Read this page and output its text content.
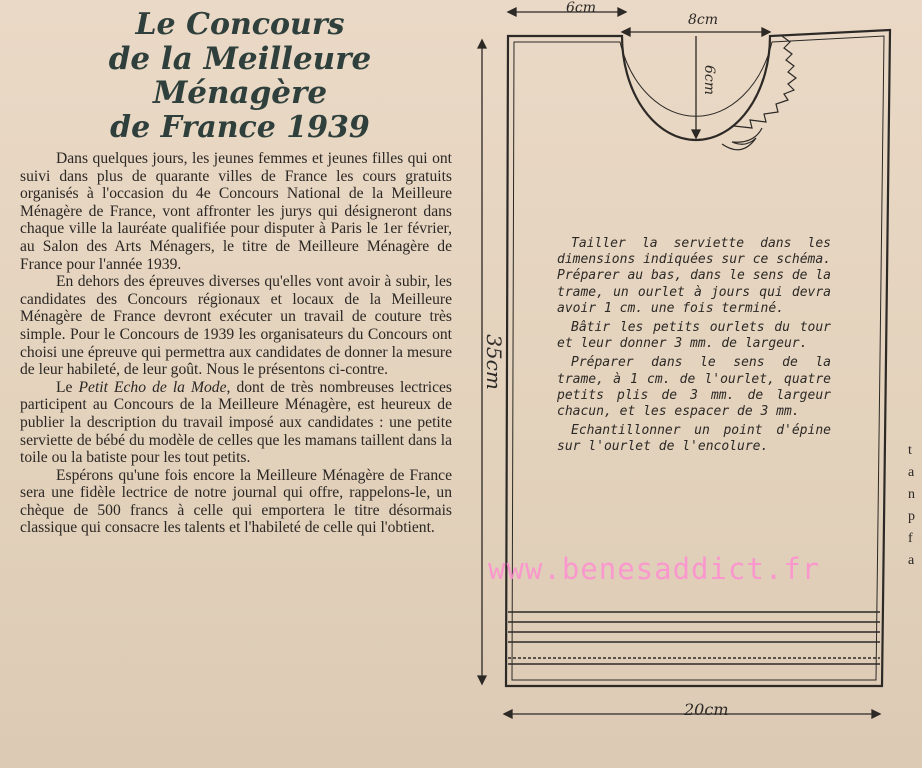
Le Concours
de la Meilleure Ménagère
de France 1939

Dans quelques jours, les jeunes femmes et jeunes filles qui ont suivi dans plus de quarante villes de France les cours gratuits organisés à l'occasion du 4e Concours National de la Meilleure Ménagère de France, vont affronter les jurys qui désigneront dans chaque ville la lauréate qualifiée pour disputer à Paris le 1er février, au Salon des Arts Ménagers, le titre de Meilleure Ménagère de France pour l'année 1939.

En dehors des épreuves diverses qu'elles vont avoir à subir, les candidates des Concours régionaux et locaux de la Meilleure Ménagère de France devront exécuter un travail de couture très simple. Pour le Concours de 1939 les organisateurs du Concours ont choisi une épreuve qui permettra aux candidates de donner la mesure de leur habileté, de leur goût. Nous le présentons ci-contre.

Le Petit Echo de la Mode, dont de très nombreuses lectrices participent au Concours de la Meilleure Ménagère, est heureux de publier la description du travail imposé aux candidates : une petite serviette de bébé du modèle de celles que les mamans taillent dans la toile ou la batiste pour les tout petits.

Espérons qu'une fois encore la Meilleure Ménagère de France sera une fidèle lectrice de notre journal qui offre, rappelons-le, un chèque de 500 francs à celle qui emportera le titre désormais classique qui consacre les talents et l'habileté de celle qui l'obtient.

6cm
8cm
6cm
35cm
20cm

Tailler la serviette dans les dimensions indiquées sur ce schéma. Préparer au bas, dans le sens de la trame, un ourlet à jours qui devra avoir 1 cm. une fois terminé.

Bâtir les petits ourlets du tour et leur donner 3 mm. de largeur.

Préparer dans le sens de la trame, à 1 cm. de l'ourlet, quatre petits plis de 3 mm. de largeur chacun, et les espacer de 3 mm.

Echantillonner un point d'épine sur l'ourlet de l'encolure.

www.benesaddict.fr
t
a
n
p
f
a
